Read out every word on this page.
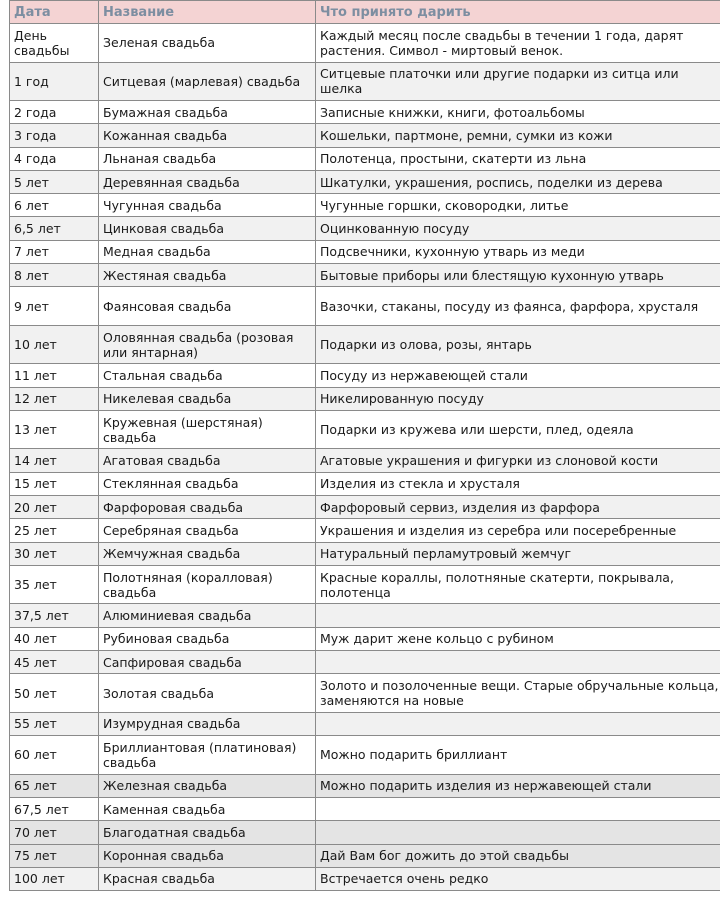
Дата	Название	Что принято дарить
День свадьбы	Зеленая свадьба	Каждый месяц после свадьбы в течении 1 года, дарят растения. Символ - миртовый венок.
1 год	Ситцевая (марлевая) свадьба	Ситцевые платочки или другие подарки из ситца или шелка
2 года	Бумажная свадьба	Записные книжки, книги, фотоальбомы
3 года	Кожанная свадьба	Кошельки, партмоне, ремни, сумки из кожи
4 года	Льнаная свадьба	Полотенца, простыни, скатерти из льна
5 лет	Деревянная свадьба	Шкатулки, украшения, роспись, поделки из дерева
6 лет	Чугунная свадьба	Чугунные горшки, сковородки, литье
6,5 лет	Цинковая свадьба	Оцинкованную посуду
7 лет	Медная свадьба	Подсвечники, кухонную утварь из меди
8 лет	Жестяная свадьба	Бытовые приборы или блестящую кухонную утварь
9 лет	Фаянсовая свадьба	Вазочки, стаканы, посуду из фаянса, фарфора, хрусталя
10 лет	Оловянная свадьба (розовая или янтарная)	Подарки из олова, розы, янтарь
11 лет	Стальная свадьба	Посуду из нержавеющей стали
12 лет	Никелевая свадьба	Никелированную посуду
13 лет	Кружевная (шерстяная) свадьба	Подарки из кружева или шерсти, плед, одеяла
14 лет	Агатовая свадьба	Агатовые украшения и фигурки из слоновой кости
15 лет	Стеклянная свадьба	Изделия из стекла и хрусталя
20 лет	Фарфоровая свадьба	Фарфоровый сервиз, изделия из фарфора
25 лет	Серебряная свадьба	Украшения и изделия из серебра или посеребренные
30 лет	Жемчужная свадьба	Натуральный перламутровый жемчуг
35 лет	Полотняная (коралловая) свадьба	Красные кораллы, полотняные скатерти, покрывала, полотенца
37,5 лет	Алюминиевая свадьба	
40 лет	Рубиновая свадьба	Муж дарит жене кольцо с рубином
45 лет	Сапфировая свадьба	
50 лет	Золотая свадьба	Золото и позолоченные вещи. Старые обручальные кольца, заменяются на новые
55 лет	Изумрудная свадьба	
60 лет	Бриллиантовая (платиновая) свадьба	Можно подарить бриллиант
65 лет	Железная свадьба	Можно подарить изделия из нержавеющей стали
67,5 лет	Каменная свадьба	
70 лет	Благодатная свадьба	
75 лет	Коронная свадьба	Дай Вам бог дожить до этой свадьбы
100 лет	Красная свадьба	Встречается очень редко
